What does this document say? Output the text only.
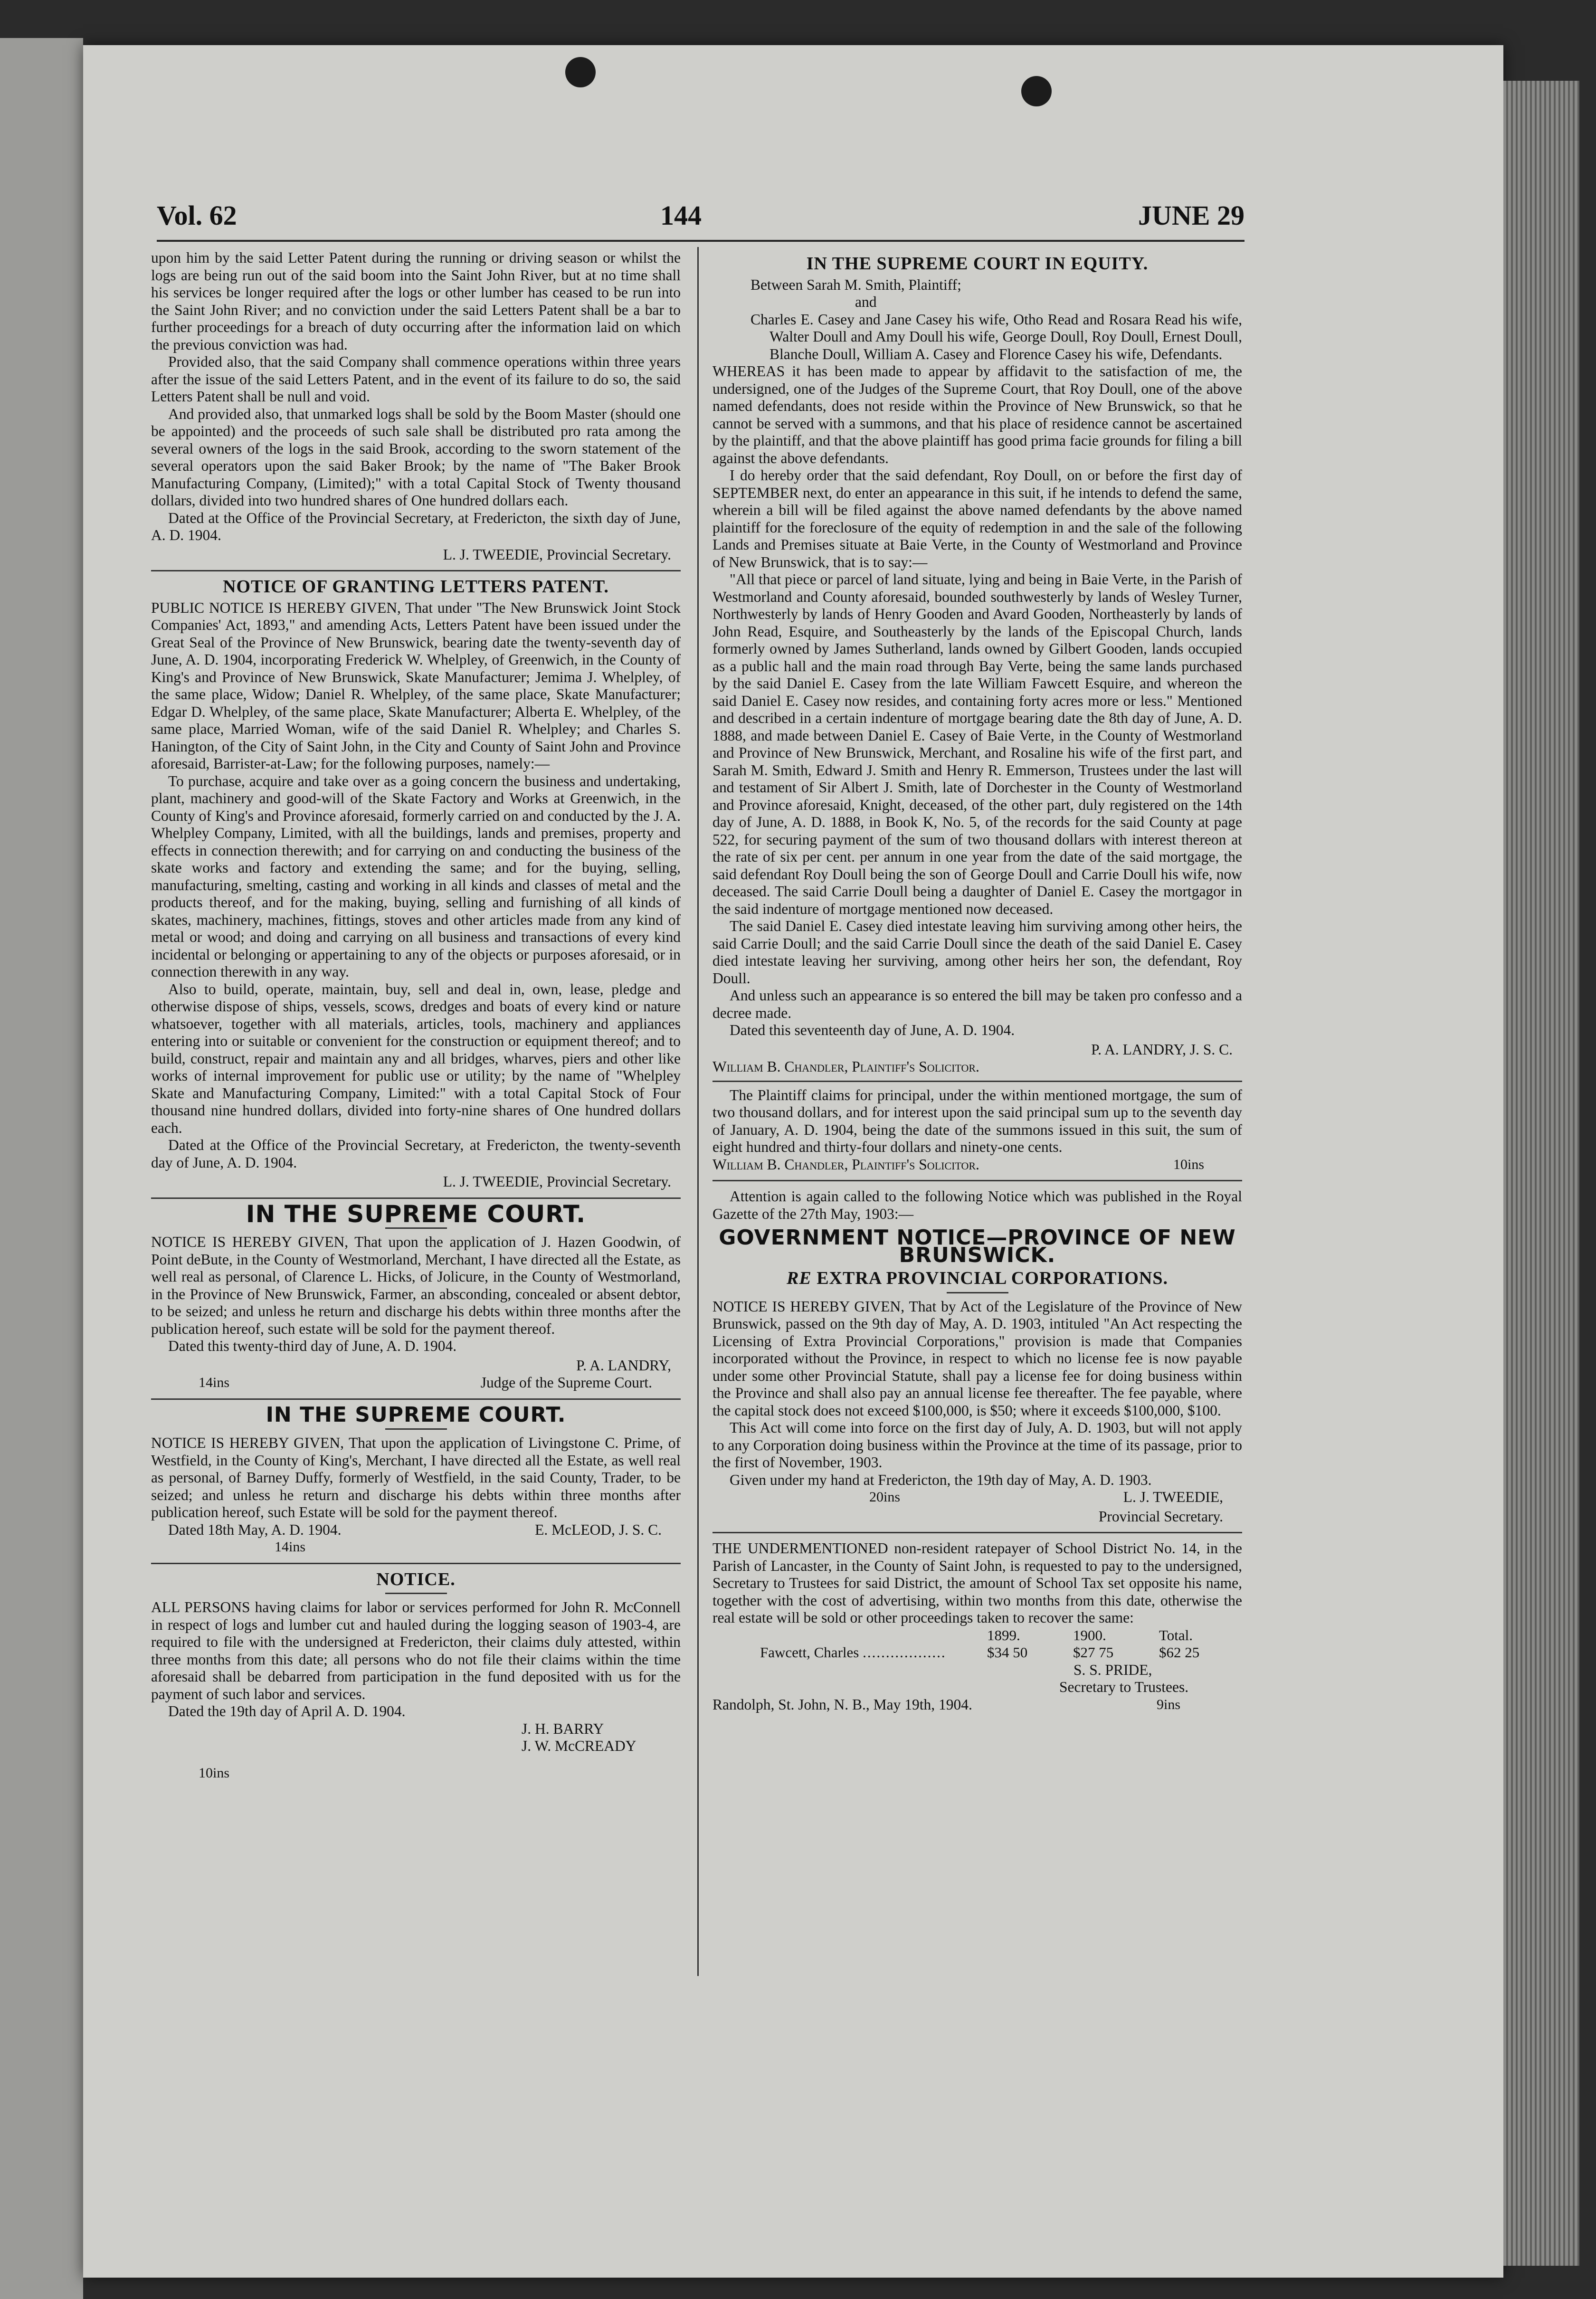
Vol. 62	144	JUNE 29

upon him by the said Letter Patent during the running or driving season or whilst the logs are being run out of the said boom into the Saint John River, but at no time shall his services be longer required after the logs or other lumber has ceased to be run into the Saint John River; and no conviction under the said Letters Patent shall be a bar to further proceedings for a breach of duty occurring after the information laid on which the previous conviction was had.

Provided also, that the said Company shall commence operations within three years after the issue of the said Letters Patent, and in the event of its failure to do so, the said Letters Patent shall be null and void.

And provided also, that unmarked logs shall be sold by the Boom Master (should one be appointed) and the proceeds of such sale shall be distributed pro rata among the several owners of the logs in the said Brook, according to the sworn statement of the several operators upon the said Baker Brook; by the name of "The Baker Brook Manufacturing Company, (Limited);" with a total Capital Stock of Twenty thousand dollars, divided into two hundred shares of One hundred dollars each.

Dated at the Office of the Provincial Secretary, at Fredericton, the sixth day of June, A. D. 1904.

L. J. TWEEDIE, Provincial Secretary.
NOTICE OF GRANTING LETTERS PATENT.

PUBLIC NOTICE IS HEREBY GIVEN, That under "The New Brunswick Joint Stock Companies' Act, 1893," and amending Acts, Letters Patent have been issued under the Great Seal of the Province of New Brunswick, bearing date the twenty-seventh day of June, A. D. 1904, incorporating Frederick W. Whelpley, of Greenwich, in the County of King's and Province of New Brunswick, Skate Manufacturer; Jemima J. Whelpley, of the same place, Widow; Daniel R. Whelpley, of the same place, Skate Manufacturer; Edgar D. Whelpley, of the same place, Skate Manufacturer; Alberta E. Whelpley, of the same place, Married Woman, wife of the said Daniel R. Whelpley; and Charles S. Hanington, of the City of Saint John, in the City and County of Saint John and Province aforesaid, Barrister-at-Law; for the following purposes, namely:—

To purchase, acquire and take over as a going concern the business and undertaking, plant, machinery and good-will of the Skate Factory and Works at Greenwich, in the County of King's and Province aforesaid, formerly carried on and conducted by the J. A. Whelpley Company, Limited, with all the buildings, lands and premises, property and effects in connection therewith; and for carrying on and conducting the business of the skate works and factory and extending the same; and for the buying, selling, manufacturing, smelting, casting and working in all kinds and classes of metal and the products thereof, and for the making, buying, selling and furnishing of all kinds of skates, machinery, machines, fittings, stoves and other articles made from any kind of metal or wood; and doing and carrying on all business and transactions of every kind incidental or belonging or appertaining to any of the objects or purposes aforesaid, or in connection therewith in any way.

Also to build, operate, maintain, buy, sell and deal in, own, lease, pledge and otherwise dispose of ships, vessels, scows, dredges and boats of every kind or nature whatsoever, together with all materials, articles, tools, machinery and appliances entering into or suitable or convenient for the construction or equipment thereof; and to build, construct, repair and maintain any and all bridges, wharves, piers and other like works of internal improvement for public use or utility; by the name of "Whelpley Skate and Manufacturing Company, Limited:" with a total Capital Stock of Four thousand nine hundred dollars, divided into forty-nine shares of One hundred dollars each.

Dated at the Office of the Provincial Secretary, at Fredericton, the twenty-seventh day of June, A. D. 1904.

L. J. TWEEDIE, Provincial Secretary.
IN THE SUPREME COURT.

NOTICE IS HEREBY GIVEN, That upon the application of J. Hazen Goodwin, of Point deBute, in the County of Westmorland, Merchant, I have directed all the Estate, as well real as personal, of Clarence L. Hicks, of Jolicure, in the County of Westmorland, in the Province of New Brunswick, Farmer, an absconding, concealed or absent debtor, to be seized; and unless he return and discharge his debts within three months after the publication hereof, such estate will be sold for the payment thereof.

Dated this twenty-third day of June, A. D. 1904.

P. A. LANDRY,
14ins	Judge of the Supreme Court.
IN THE SUPREME COURT.

NOTICE IS HEREBY GIVEN, That upon the application of Livingstone C. Prime, of Westfield, in the County of King's, Merchant, I have directed all the Estate, as well real as personal, of Barney Duffy, formerly of Westfield, in the said County, Trader, to be seized; and unless he return and discharge his debts within three months after publication hereof, such Estate will be sold for the payment thereof.

Dated 18th May, A. D. 1904.	E. McLEOD, J. S. C.
14ins
NOTICE.

ALL PERSONS having claims for labor or services performed for John R. McConnell in respect of logs and lumber cut and hauled during the logging season of 1903-4, are required to file with the undersigned at Fredericton, their claims duly attested, within three months from this date; all persons who do not file their claims within the time aforesaid shall be debarred from participation in the fund deposited with us for the payment of such labor and services.

Dated the 19th day of April A. D. 1904.

J. H. BARRY
J. W. McCREADY
10ins
IN THE SUPREME COURT IN EQUITY.
Between Sarah M. Smith, Plaintiff;
and
Charles E. Casey and Jane Casey his wife, Otho Read and Rosara Read his wife, Walter Doull and Amy Doull his wife, George Doull, Roy Doull, Ernest Doull, Blanche Doull, William A. Casey and Florence Casey his wife, Defendants.

WHEREAS it has been made to appear by affidavit to the satisfaction of me, the undersigned, one of the Judges of the Supreme Court, that Roy Doull, one of the above named defendants, does not reside within the Province of New Brunswick, so that he cannot be served with a summons, and that his place of residence cannot be ascertained by the plaintiff, and that the above plaintiff has good prima facie grounds for filing a bill against the above defendants.

I do hereby order that the said defendant, Roy Doull, on or before the first day of SEPTEMBER next, do enter an appearance in this suit, if he intends to defend the same, wherein a bill will be filed against the above named defendants by the above named plaintiff for the foreclosure of the equity of redemption in and the sale of the following Lands and Premises situate at Baie Verte, in the County of Westmorland and Province of New Brunswick, that is to say:—

"All that piece or parcel of land situate, lying and being in Baie Verte, in the Parish of Westmorland and County aforesaid, bounded southwesterly by lands of Wesley Turner, Northwesterly by lands of Henry Gooden and Avard Gooden, Northeasterly by lands of John Read, Esquire, and Southeasterly by the lands of the Episcopal Church, lands formerly owned by James Sutherland, lands owned by Gilbert Gooden, lands occupied as a public hall and the main road through Bay Verte, being the same lands purchased by the said Daniel E. Casey from the late William Fawcett Esquire, and whereon the said Daniel E. Casey now resides, and containing forty acres more or less." Mentioned and described in a certain indenture of mortgage bearing date the 8th day of June, A. D. 1888, and made between Daniel E. Casey of Baie Verte, in the County of Westmorland and Province of New Brunswick, Merchant, and Rosaline his wife of the first part, and Sarah M. Smith, Edward J. Smith and Henry R. Emmerson, Trustees under the last will and testament of Sir Albert J. Smith, late of Dorchester in the County of Westmorland and Province aforesaid, Knight, deceased, of the other part, duly registered on the 14th day of June, A. D. 1888, in Book K, No. 5, of the records for the said County at page 522, for securing payment of the sum of two thousand dollars with interest thereon at the rate of six per cent. per annum in one year from the date of the said mortgage, the said defendant Roy Doull being the son of George Doull and Carrie Doull his wife, now deceased. The said Carrie Doull being a daughter of Daniel E. Casey the mortgagor in the said indenture of mortgage mentioned now deceased.

The said Daniel E. Casey died intestate leaving him surviving among other heirs, the said Carrie Doull; and the said Carrie Doull since the death of the said Daniel E. Casey died intestate leaving her surviving, among other heirs her son, the defendant, Roy Doull.

And unless such an appearance is so entered the bill may be taken pro confesso and a decree made.

Dated this seventeenth day of June, A. D. 1904.

P. A. LANDRY, J. S. C.
William B. Chandler, Plaintiff's Solicitor.

The Plaintiff claims for principal, under the within mentioned mortgage, the sum of two thousand dollars, and for interest upon the said principal sum up to the seventh day of January, A. D. 1904, being the date of the summons issued in this suit, the sum of eight hundred and thirty-four dollars and ninety-one cents.

William B. Chandler, Plaintiff's Solicitor.	10ins

Attention is again called to the following Notice which was published in the Royal Gazette of the 27th May, 1903:—

GOVERNMENT NOTICE—PROVINCE OF NEW BRUNSWICK.
RE EXTRA PROVINCIAL CORPORATIONS.

NOTICE IS HEREBY GIVEN, That by Act of the Legislature of the Province of New Brunswick, passed on the 9th day of May, A. D. 1903, intituled "An Act respecting the Licensing of Extra Provincial Corporations," provision is made that Companies incorporated without the Province, in respect to which no license fee is now payable under some other Provincial Statute, shall pay a license fee for doing business within the Province and shall also pay an annual license fee thereafter. The fee payable, where the capital stock does not exceed $100,000, is $50; where it exceeds $100,000, $100.

This Act will come into force on the first day of July, A. D. 1903, but will not apply to any Corporation doing business within the Province at the time of its passage, prior to the first of November, 1903.

Given under my hand at Fredericton, the 19th day of May, A. D. 1903.

20ins	L. J. TWEEDIE,
Provincial Secretary.

THE UNDERMENTIONED non-resident ratepayer of School District No. 14, in the Parish of Lancaster, in the County of Saint John, is requested to pay to the undersigned, Secretary to Trustees for said District, the amount of School Tax set opposite his name, together with the cost of advertising, within two months from this date, otherwise the real estate will be sold or other proceedings taken to recover the same:

	1899.	1900.	Total.
Fawcett, Charles ..................	$34 50	$27 75	$62 25
S. S. PRIDE,
Secretary to Trustees.
Randolph, St. John, N. B., May 19th, 1904.	9ins
